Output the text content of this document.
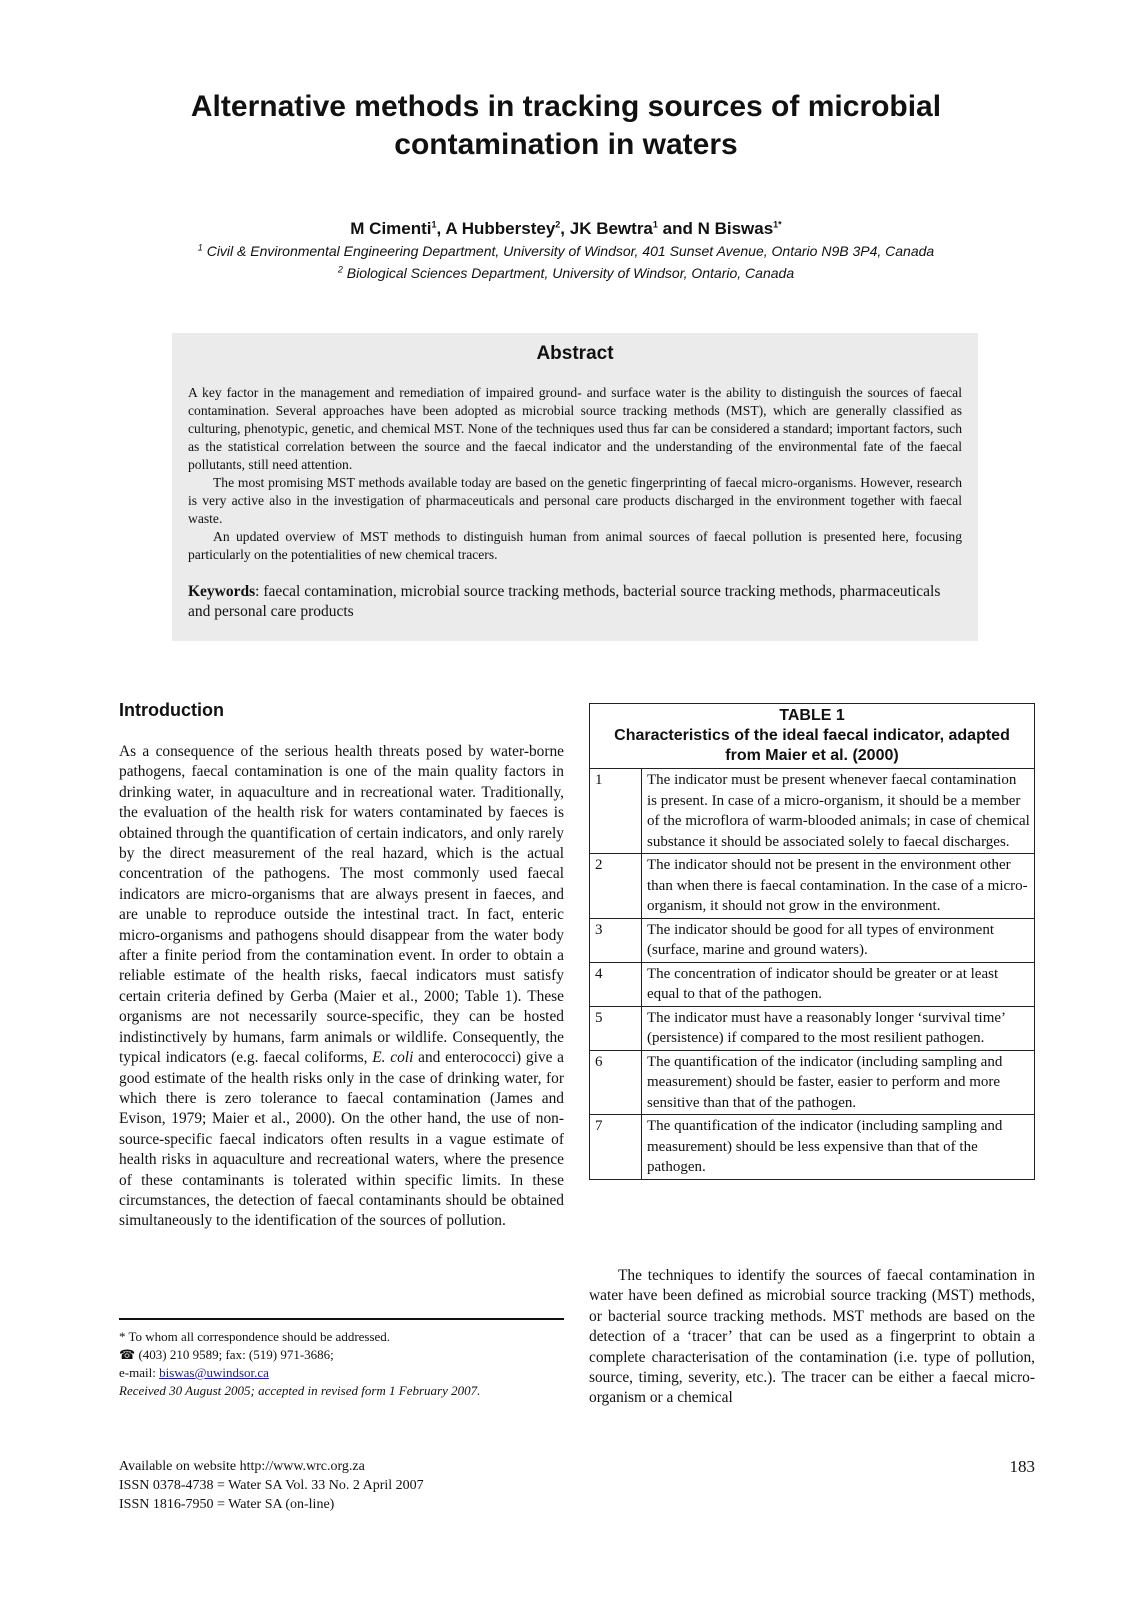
Alternative methods in tracking sources of microbial
contamination in waters
M Cimenti$^1$, A Hubberstey$^2$, JK Bewtra$^1$ and N Biswas$^{1*}$
$^1$ Civil & Environmental Engineering Department, University of Windsor, 401 Sunset Avenue, Ontario N9B 3P4, Canada
$^2$ Biological Sciences Department, University of Windsor, Ontario, Canada
Abstract

A key factor in the management and remediation of impaired ground- and surface water is the ability to distinguish the sources of faecal contamination. Several approaches have been adopted as microbial source tracking methods (MST), which are generally classified as culturing, phenotypic, genetic, and chemical MST. None of the techniques used thus far can be considered a standard; important factors, such as the statistical correlation between the source and the faecal indicator and the understanding of the environmental fate of the faecal pollutants, still need attention.

The most promising MST methods available today are based on the genetic fingerprinting of faecal micro-organisms. However, research is very active also in the investigation of pharmaceuticals and personal care products discharged in the environment together with faecal waste.

An updated overview of MST methods to distinguish human from animal sources of faecal pollution is presented here, focusing particularly on the potentialities of new chemical tracers.

Keywords: faecal contamination, microbial source tracking methods, bacterial source tracking methods, pharmaceuticals and personal care products
Introduction

As a consequence of the serious health threats posed by water-borne pathogens, faecal contamination is one of the main quality factors in drinking water, in aquaculture and in recreational water. Traditionally, the evaluation of the health risk for waters contaminated by faeces is obtained through the quantification of certain indicators, and only rarely by the direct measurement of the real hazard, which is the actual concentration of the pathogens. The most commonly used faecal indicators are micro-organisms that are always present in faeces, and are unable to reproduce outside the intestinal tract. In fact, enteric micro-organisms and pathogens should disappear from the water body after a finite period from the contamination event. In order to obtain a reliable estimate of the health risks, faecal indicators must satisfy certain criteria defined by Gerba (Maier et al., 2000; Table 1). These organisms are not necessarily source-specific, they can be hosted indistinctively by humans, farm animals or wildlife. Consequently, the typical indicators (e.g. faecal coliforms, E. coli and enterococci) give a good estimate of the health risks only in the case of drinking water, for which there is zero tolerance to faecal contamination (James and Evison, 1979; Maier et al., 2000). On the other hand, the use of non-source-specific faecal indicators often results in a vague estimate of health risks in aquaculture and recreational waters, where the presence of these contaminants is tolerated within specific limits. In these circumstances, the detection of faecal contaminants should be obtained simultaneously to the identification of the sources of pollution.

* To whom all correspondence should be addressed.
☎ (403) 210 9589; fax: (519) 971-3686;
e-mail: biswas@uwindsor.ca
Received 30 August 2005; accepted in revised form 1 February 2007.
TABLE 1
Characteristics of the ideal faecal indicator, adapted from Maier et al. (2000)	

1	The indicator must be present whenever faecal contamination is present. In case of a micro-organism, it should be a member of the microflora of warm-blooded animals; in case of chemical substance it should be associated solely to faecal discharges.
2	The indicator should not be present in the environment other than when there is faecal contamination. In the case of a micro-organism, it should not grow in the environment.
3	The indicator should be good for all types of environment (surface, marine and ground waters).
4	The concentration of indicator should be greater or at least equal to that of the pathogen.
5	The indicator must have a reasonably longer ‘survival time’ (persistence) if compared to the most resilient pathogen.
6	The quantification of the indicator (including sampling and measurement) should be faster, easier to perform and more sensitive than that of the pathogen.
7	The quantification of the indicator (including sampling and measurement) should be less expensive than that of the pathogen.

The techniques to identify the sources of faecal contamination in water have been defined as microbial source tracking (MST) methods, or bacterial source tracking methods. MST methods are based on the detection of a ‘tracer’ that can be used as a fingerprint to obtain a complete characterisation of the contamination (i.e. type of pollution, source, timing, severity, etc.). The tracer can be either a faecal micro-organism or a chemical

Available on website http://www.wrc.org.za
ISSN 0378-4738 = Water SA Vol. 33 No. 2 April 2007
ISSN 1816-7950 = Water SA (on-line)
183
